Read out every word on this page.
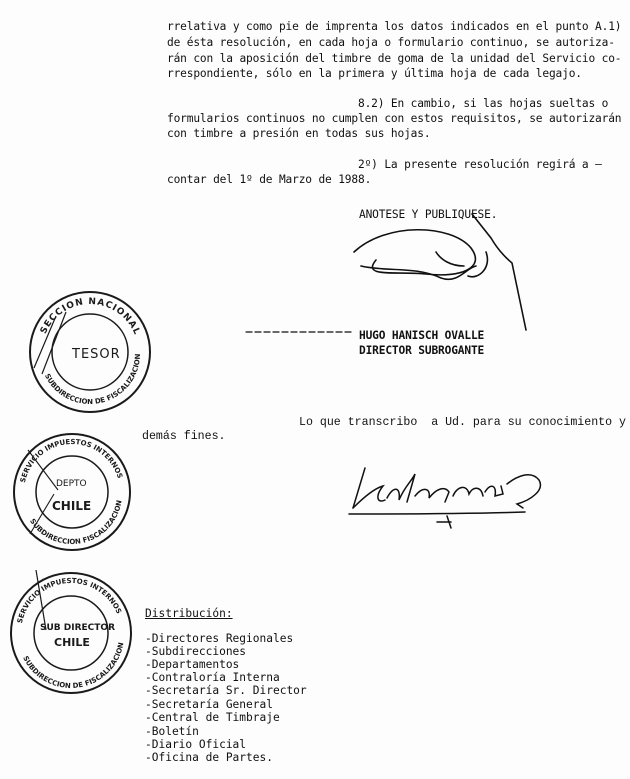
rrelativa y como pie de imprenta los datos indicados en el punto A.1)
de ésta resolución, en cada hoja o formulario continuo, se autoriza-
rán con la aposición del timbre de goma de la unidad del Servicio co-
rrespondiente, sólo en la primera y última hoja de cada legajo.
8.2) En cambio, si las hojas sueltas o
formularios continuos no cumplen con estos requisitos, se autorizarán
con timbre a presión en todas sus hojas.
2º) La presente resolución regirá a —
contar del 1º de Marzo de 1988.
ANOTESE Y PUBLIQUESE.
HUGO HANISCH OVALLE
DIRECTOR SUBROGANTE
Lo que transcribo  a Ud. para su conocimiento y
demás fines.
SECCION NACIONAL
SUBDIRECCION DE FISCALIZACION
TESOR
SERVICIO IMPUESTOS INTERNOS
SUBDIRECCION FISCALIZACION
DEPTO
CHILE
SERVICIO IMPUESTOS INTERNOS
SUBDIRECCION DE FISCALIZACION
SUB DIRECTOR
CHILE
Distribución:
-Directores Regionales
-Subdirecciones
-Departamentos
-Contraloría Interna
-Secretaría Sr. Director
-Secretaría General
-Central de Timbraje
-Boletín
-Diario Oficial
-Oficina de Partes.
